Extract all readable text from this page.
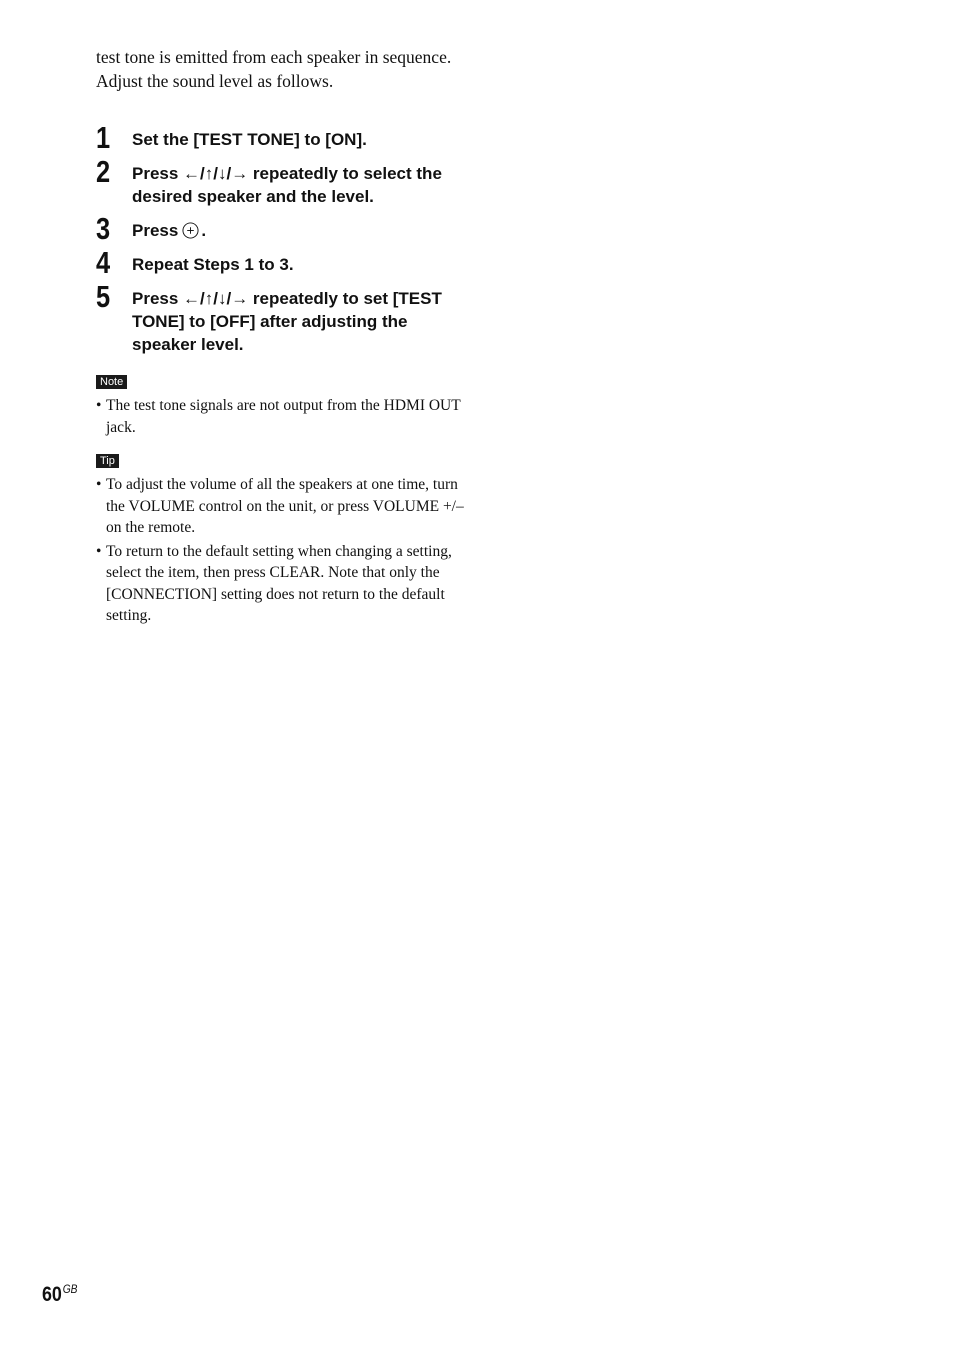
test tone is emitted from each speaker in sequence.

Adjust the sound level as follows.

1 Set the [TEST TONE] to [ON].
2 Press ←/↑/↓/→ repeatedly to select the desired speaker and the level.
3 Press .
4 Repeat Steps 1 to 3.
5 Press ←/↑/↓/→ repeatedly to set [TEST TONE] to [OFF] after adjusting the speaker level.
Note
• The test tone signals are not output from the HDMI OUT jack.
Tip
• To adjust the volume of all the speakers at one time, turn the VOLUME control on the unit, or press VOLUME +/– on the remote.
• To return to the default setting when changing a setting, select the item, then press CLEAR. Note that only the [CONNECTION] setting does not return to the default setting.
$60^{GB}$
